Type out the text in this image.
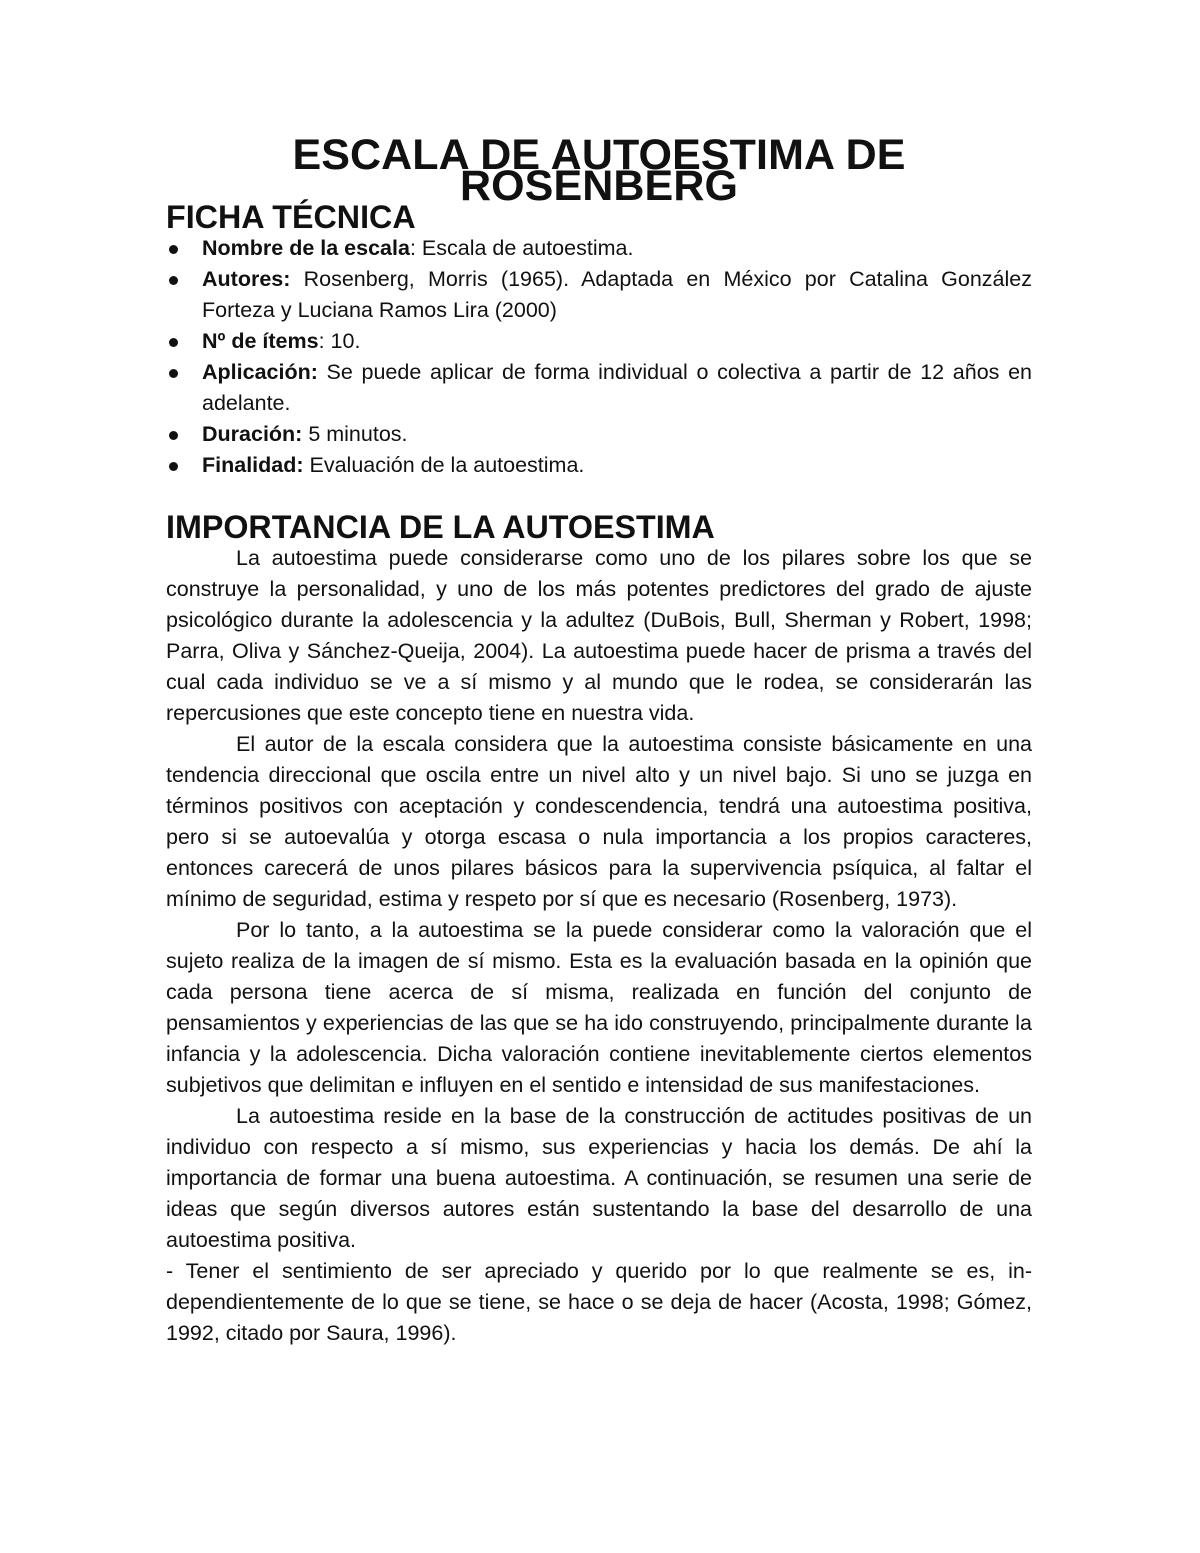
ESCALA DE AUTOESTIMA DE ROSENBERG
FICHA TÉCNICA
Nombre de la escala: Escala de autoestima.
Autores: Rosenberg, Morris (1965). Adaptada en México por Catalina González Forteza y Luciana Ramos Lira (2000)
Nº de ítems: 10.
Aplicación: Se puede aplicar de forma individual o colectiva a partir de 12 años en adelante.
Duración: 5 minutos.
Finalidad: Evaluación de la autoestima.
IMPORTANCIA DE LA AUTOESTIMA

La autoestima puede considerarse como uno de los pilares sobre los que se construye la personalidad, y uno de los más potentes predictores del grado de ajuste psicológico durante la adolescencia y la adultez (DuBois, Bull, Sherman y Robert, 1998; Parra, Oliva y Sánchez-Queija, 2004). La autoestima puede hacer de prisma a través del cual cada individuo se ve a sí mismo y al mundo que le rodea, se considerarán las repercusiones que este concepto tiene en nuestra vida.

El autor de la escala considera que la autoestima consiste básicamente en una tendencia direccional que oscila entre un nivel alto y un nivel bajo. Si uno se juzga en términos positivos con aceptación y condescendencia, tendrá una autoestima positiva, pero si se autoevalúa y otorga escasa o nula importancia a los propios caracteres, entonces carecerá de unos pilares básicos para la supervivencia psíquica, al faltar el mínimo de seguridad, estima y respeto por sí que es necesario (Rosenberg, 1973).

Por lo tanto, a la autoestima se la puede considerar como la valoración que el sujeto realiza de la imagen de sí mismo. Esta es la evaluación basada en la opinión que cada persona tiene acerca de sí misma, realizada en función del conjunto de pensamientos y experiencias de las que se ha ido construyendo, principalmente durante la infancia y la adolescencia. Dicha valoración contiene inevitablemente ciertos elementos subjetivos que delimitan e influyen en el sentido e intensidad de sus manifestaciones.

La autoestima reside en la base de la construcción de actitudes positivas de un individuo con respecto a sí mismo, sus experiencias y hacia los demás. De ahí la importancia de formar una buena autoestima. A continuación, se resumen una serie de ideas que según diversos autores están sustentando la base del desarrollo de una autoestima positiva.

- Tener el sentimiento de ser apreciado y querido por lo que realmente se es, in-dependientemente de lo que se tiene, se hace o se deja de hacer (Acosta, 1998; Gómez, 1992, citado por Saura, 1996).
